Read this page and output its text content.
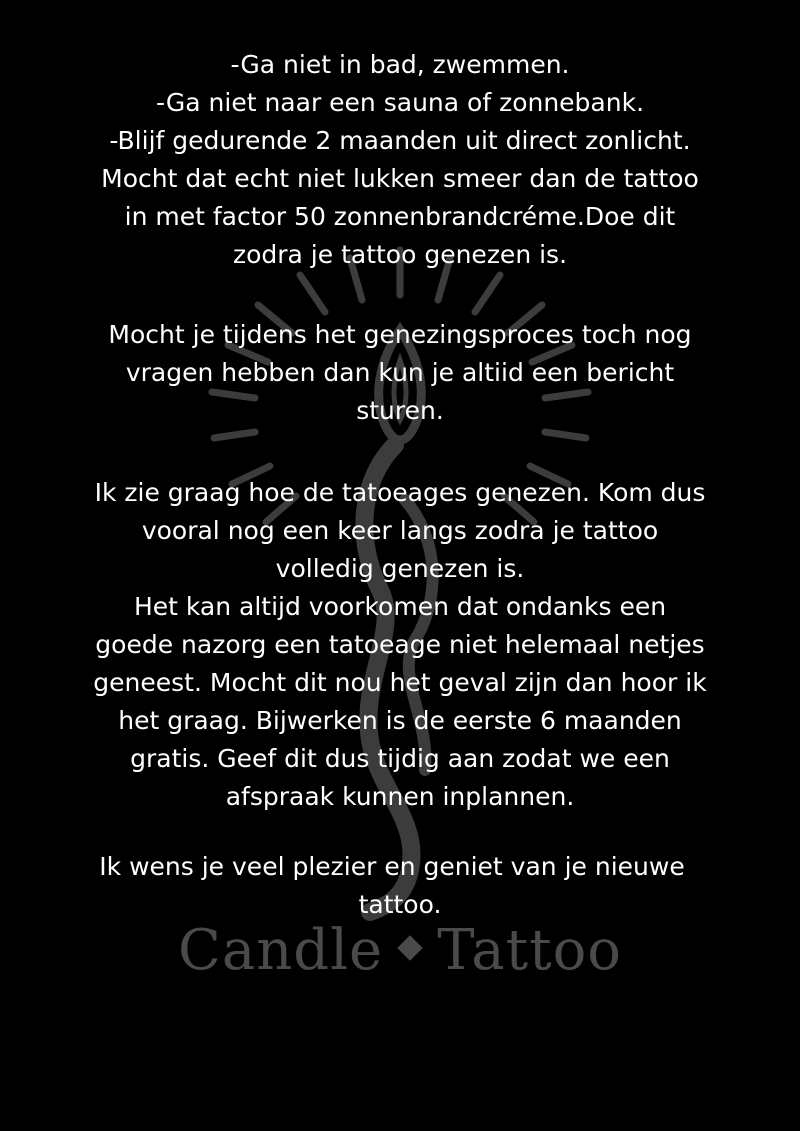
Candle Tattoo
-Ga niet in bad, zwemmen.
-Ga niet naar een sauna of zonnebank.
-Blijf gedurende 2 maanden uit direct zonlicht.
Mocht dat echt niet lukken smeer dan de tattoo
in met factor 50 zonnenbrandcréme.Doe dit
zodra je tattoo genezen is.
Mocht je tijdens het genezingsproces toch nog
vragen hebben dan kun je altiid een bericht
sturen.
Ik zie graag hoe de tatoeages genezen. Kom dus
vooral nog een keer langs zodra je tattoo
volledig genezen is.
Het kan altijd voorkomen dat ondanks een
goede nazorg een tatoeage niet helemaal netjes
geneest. Mocht dit nou het geval zijn dan hoor ik
het graag. Bijwerken is de eerste 6 maanden
gratis. Geef dit dus tijdig aan zodat we een
afspraak kunnen inplannen.
Ik wens je veel plezier en geniet van je nieuwe
tattoo.
